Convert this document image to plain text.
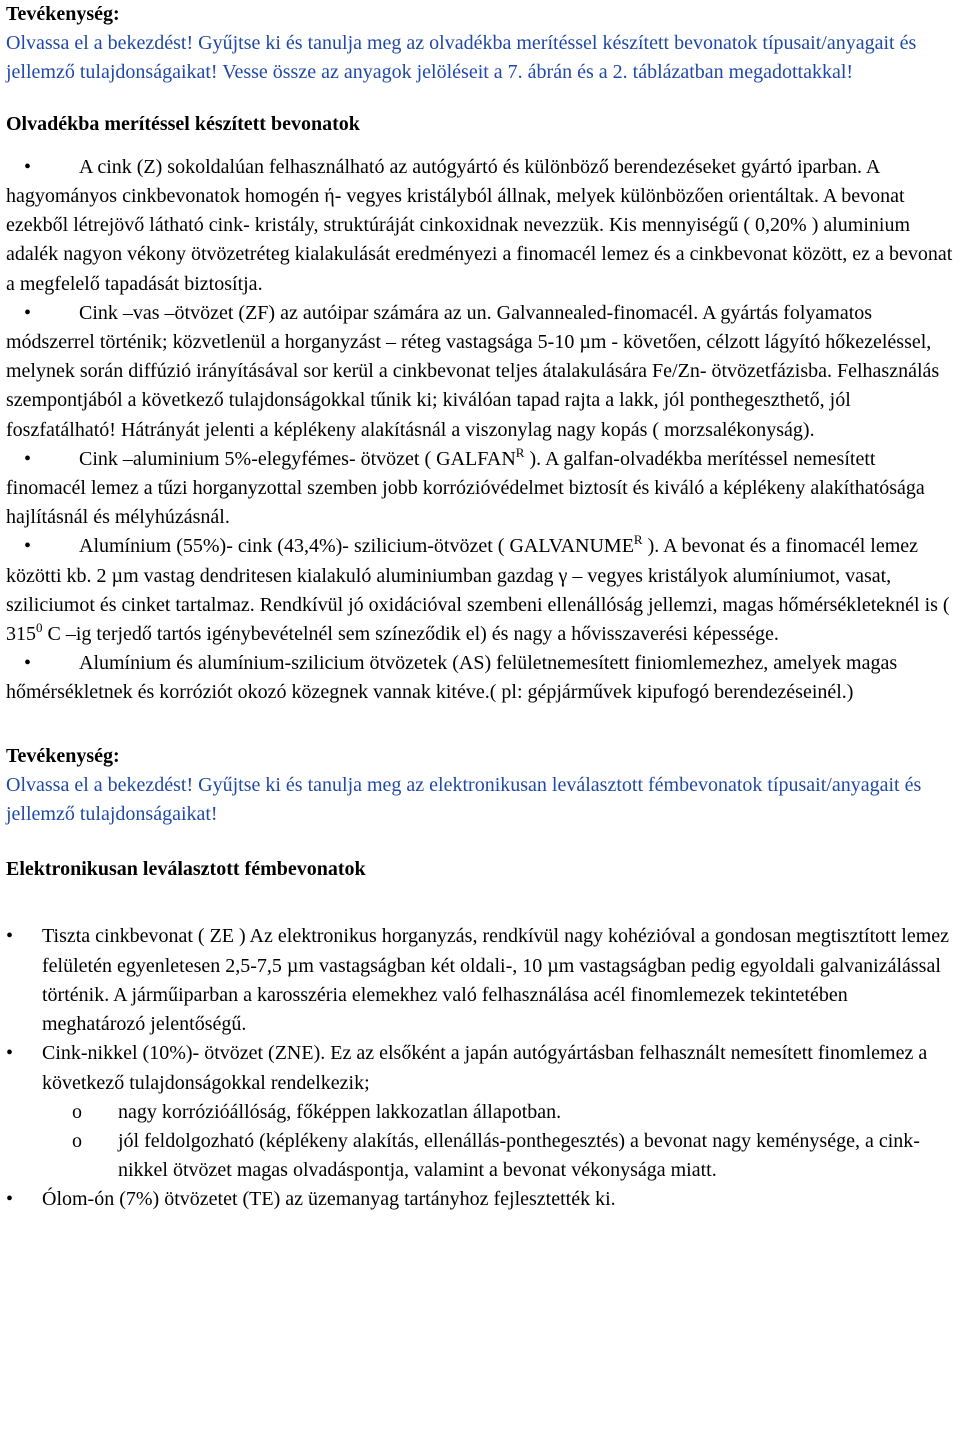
Tevékenység:

Olvassa el a bekezdést! Gyűjtse ki és tanulja meg az olvadékba merítéssel készített bevonatok típusait/anyagait és jellemző tulajdonságaikat! Vesse össze az anyagok jelöléseit a 7. ábrán és a 2. táblázatban megadottakkal!

Olvadékba merítéssel készített bevonatok

• A cink (Z) sokoldalúan felhasználható az autógyártó és különböző berendezéseket gyártó iparban. A hagyományos cinkbevonatok homogén ή- vegyes kristályból állnak, melyek különbözően orientáltak. A bevonat ezekből létrejövő látható cink- kristály, struktúráját cinkoxidnak nevezzük. Kis mennyiségű ( 0,20% ) aluminium adalék nagyon vékony ötvözetréteg kialakulását eredményezi a finomacél lemez és a cinkbevonat között, ez a bevonat a megfelelő tapadását biztosítja.

• Cink –vas –ötvözet (ZF) az autóipar számára az un. Galvannealed-finomacél. A gyártás folyamatos módszerrel történik; közvetlenül a horganyzást – réteg vastagsága 5-10 µm - követően, célzott lágyító hőkezeléssel, melynek során diffúzió irányításával sor kerül a cinkbevonat teljes átalakulására Fe/Zn- ötvözetfázisba. Felhasználás szempontjából a következő tulajdonságokkal tűnik ki; kiválóan tapad rajta a lakk, jól ponthegeszthető, jól foszfatálható! Hátrányát jelenti a képlékeny alakításnál a viszonylag nagy kopás ( morzsalékonyság).

• Cink –aluminium 5%-elegyfémes- ötvözet ( $GALFAN^R$ ). A galfan-olvadékba merítéssel nemesített finomacél lemez a tűzi horganyzottal szemben jobb korrózióvédelmet biztosít és kiváló a képlékeny alakíthatósága hajlításnál és mélyhúzásnál.

• Alumínium (55%)- cink (43,4%)- szilicium-ötvözet ( $GALVANUME^R$ ). A bevonat és a finomacél lemez közötti kb. 2 µm vastag dendritesen kialakuló aluminiumban gazdag γ – vegyes kristályok alumíniumot, vasat, sziliciumot és cinket tartalmaz. Rendkívül jó oxidációval szembeni ellenállóság jellemzi, magas hőmérsékleteknél is ( $315^0$ C –ig terjedő tartós igénybevételnél sem színeződik el) és nagy a hővisszaverési képessége.

• Alumínium és alumínium-szilicium ötvözetek (AS) felületnemesített finiomlemezhez, amelyek magas hőmérsékletnek és korróziót okozó közegnek vannak kitéve.( pl: gépjárművek kipufogó berendezéseinél.)

Tevékenység:

Olvassa el a bekezdést! Gyűjtse ki és tanulja meg az elektronikusan leválasztott fémbevonatok típusait/anyagait és jellemző tulajdonságaikat!

Elektronikusan leválasztott fémbevonatok

• Tiszta cinkbevonat ( ZE ) Az elektronikus horganyzás, rendkívül nagy kohézióval a gondosan megtisztított lemez felületén egyenletesen 2,5-7,5 µm vastagságban két oldali-, 10 µm vastagságban pedig egyoldali galvanizálással történik. A járműiparban a karosszéria elemekhez való felhasználása acél finomlemezek tekintetében meghatározó jelentőségű.
• Cink-nikkel (10%)- ötvözet (ZNE). Ez az elsőként a japán autógyártásban felhasznált nemesített finomlemez a következő tulajdonságokkal rendelkezik;
o nagy korrózióállóság, főképpen lakkozatlan állapotban.
o jól feldolgozható (képlékeny alakítás, ellenállás-ponthegesztés) a bevonat nagy keménysége, a cink-nikkel ötvözet magas olvadáspontja, valamint a bevonat vékonysága miatt.
• Ólom-ón (7%) ötvözetet (TE) az üzemanyag tartányhoz fejlesztették ki.
